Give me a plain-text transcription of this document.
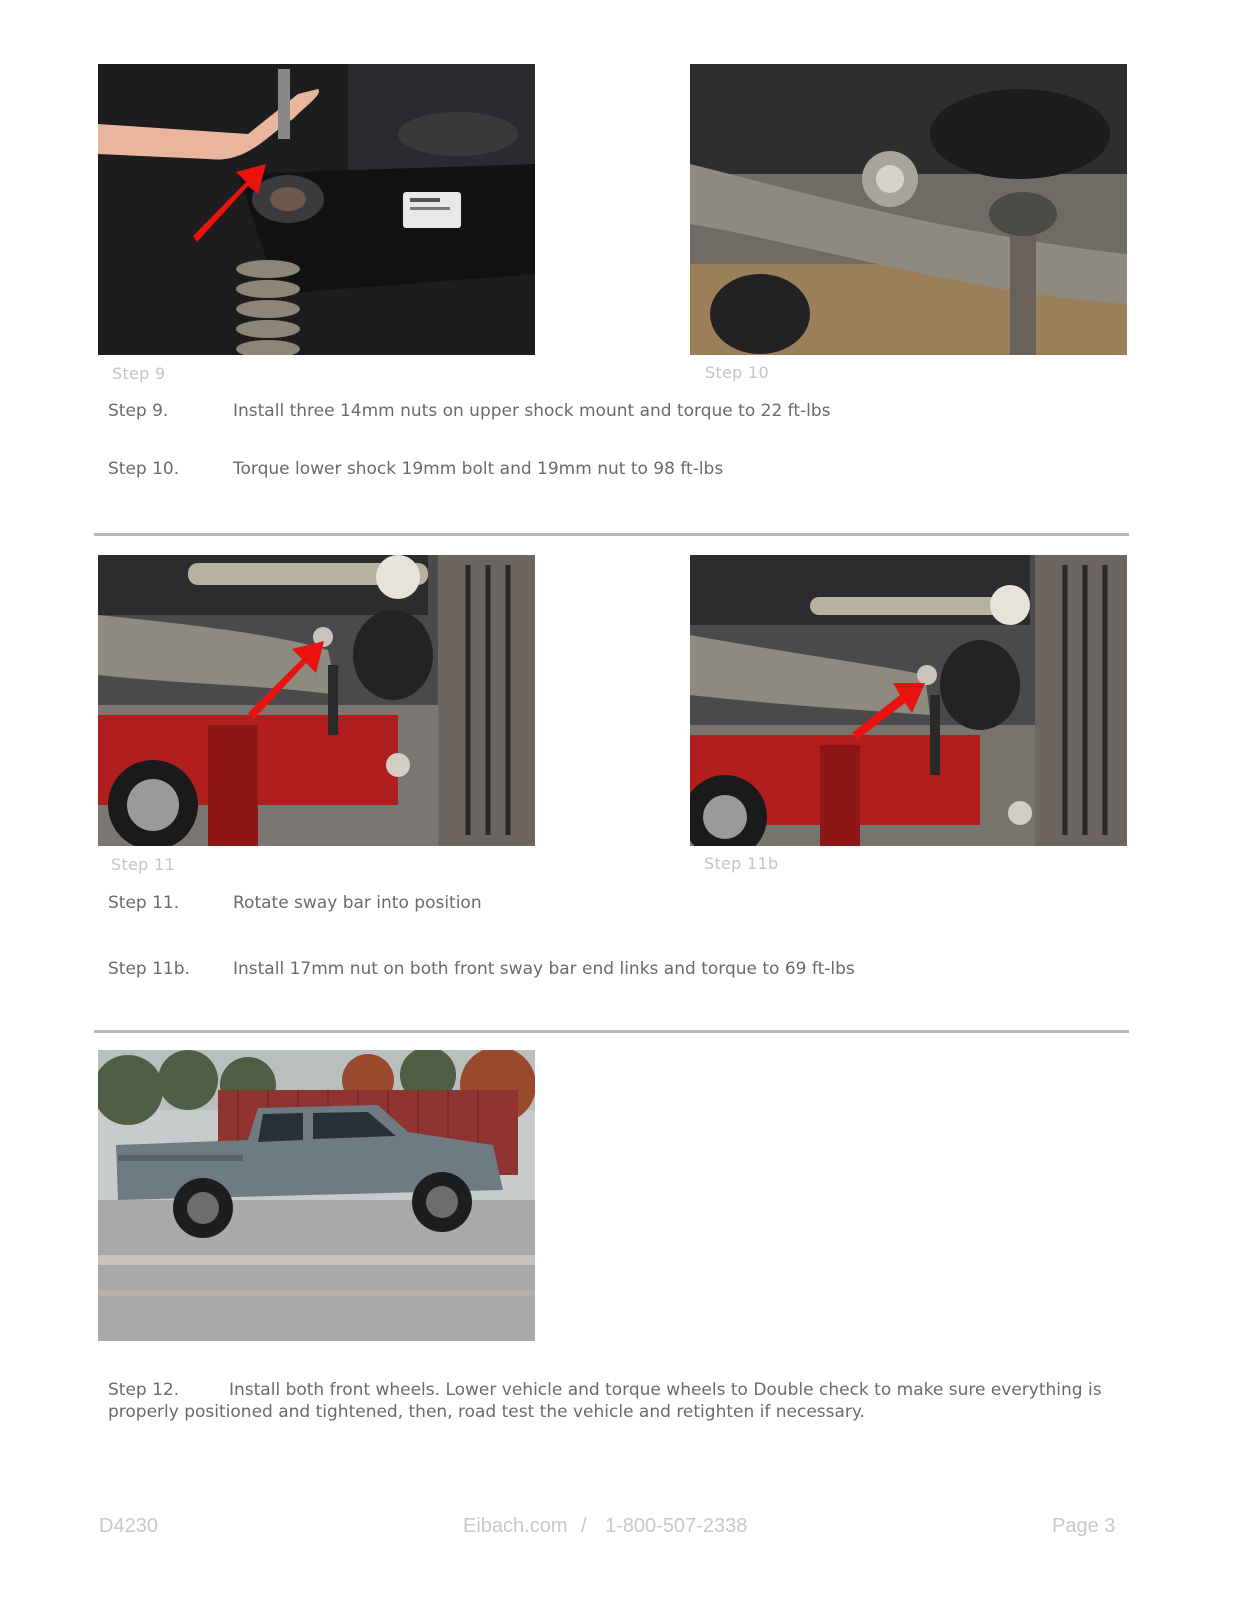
Step 9	Step 10
Step 9.	Install three 14mm nuts on upper shock mount and torque to 22 ft-lbs
Step 10.	Torque lower shock 19mm bolt and 19mm nut to 98 ft-lbs
Step 11	Step 11b
Step 11.	Rotate sway bar into position
Step 11b.	Install 17mm nut on both front sway bar end links and torque to 69 ft-lbs
Step 12.	Install both front wheels. Lower vehicle and torque wheels to Double check to make sure everything is properly positioned and tightened, then, road test the vehicle and retighten if necessary.
D4230	Eibach.com / 1-800-507-2338	Page 3
